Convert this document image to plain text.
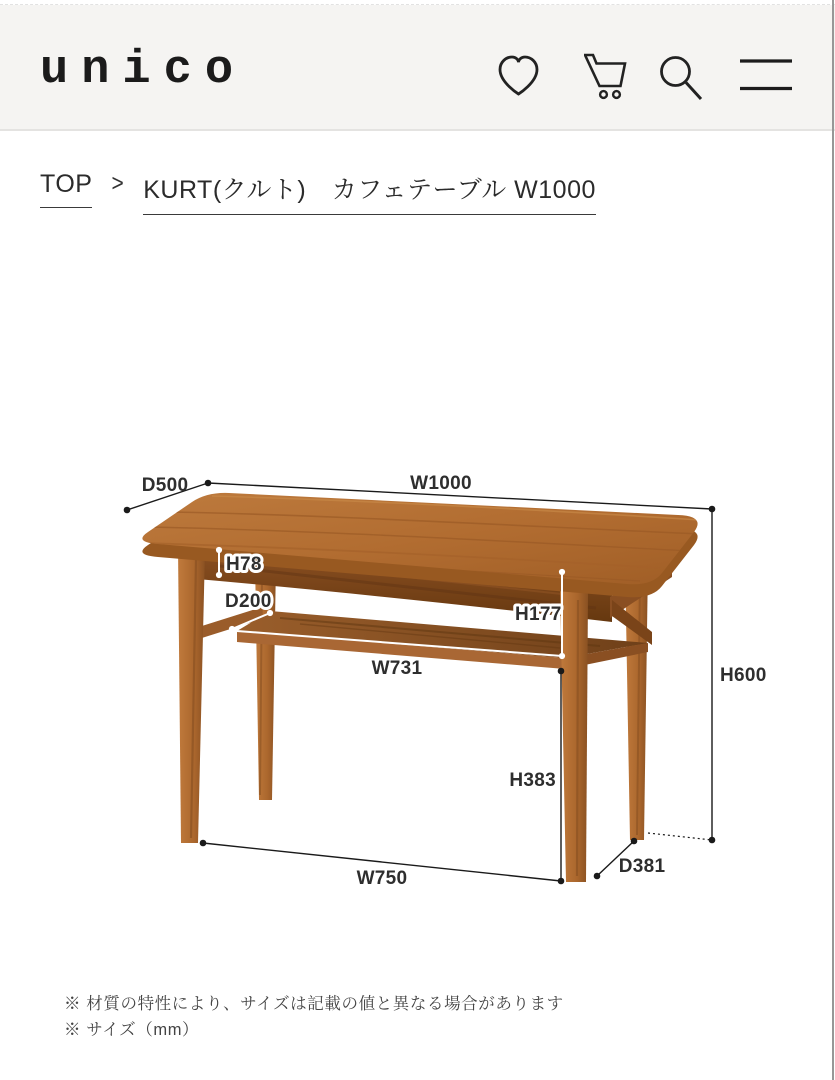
unico
TOP > KURT(クルト)　カフェテーブル W1000
D500	W1000
H78
D200
H177
W731	H600
H383
W750
D381
※ 材質の特性により、サイズは記載の値と異なる場合があります
※ サイズ（mm）
